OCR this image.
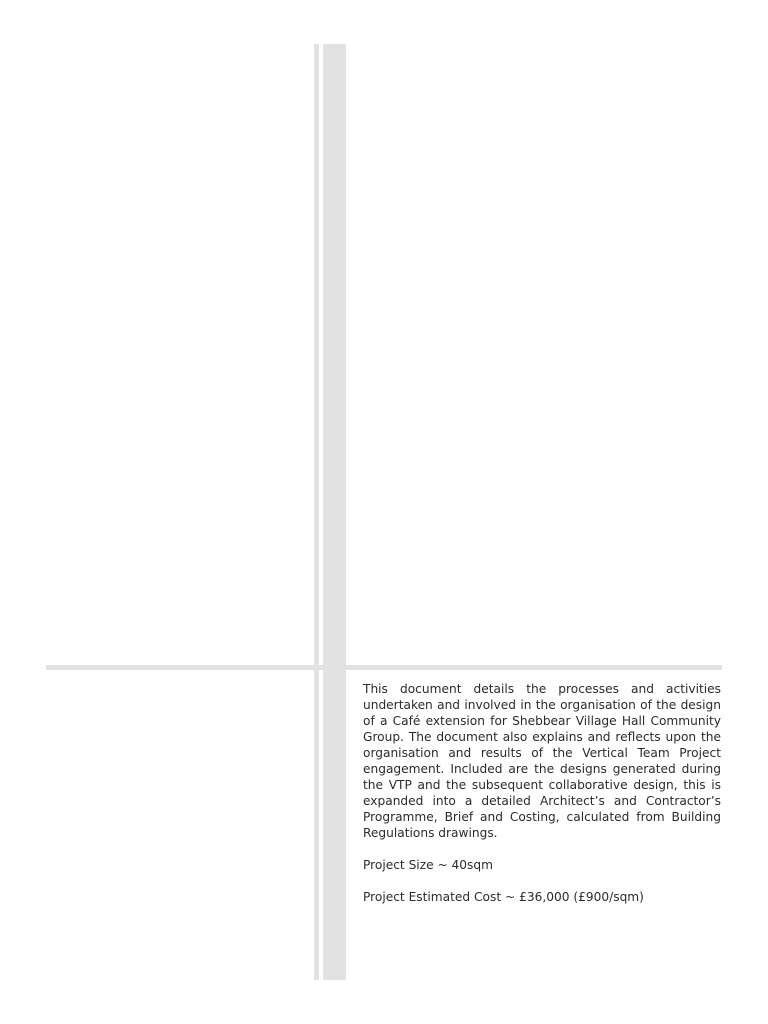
This document details the processes and activities undertaken and involved in the organisation of the design of a Café extension for Shebbear Village Hall Community Group. The document also explains and reflects upon the organisation and results of the Vertical Team Project engagement. Included are the designs generated during the VTP and the subsequent collaborative design, this is expanded into a detailed Architect’s and Contractor’s Programme, Brief and Costing, calculated from Building Regulations drawings.

Project Size ~ 40sqm

Project Estimated Cost ~ £36,000 (£900/sqm)
